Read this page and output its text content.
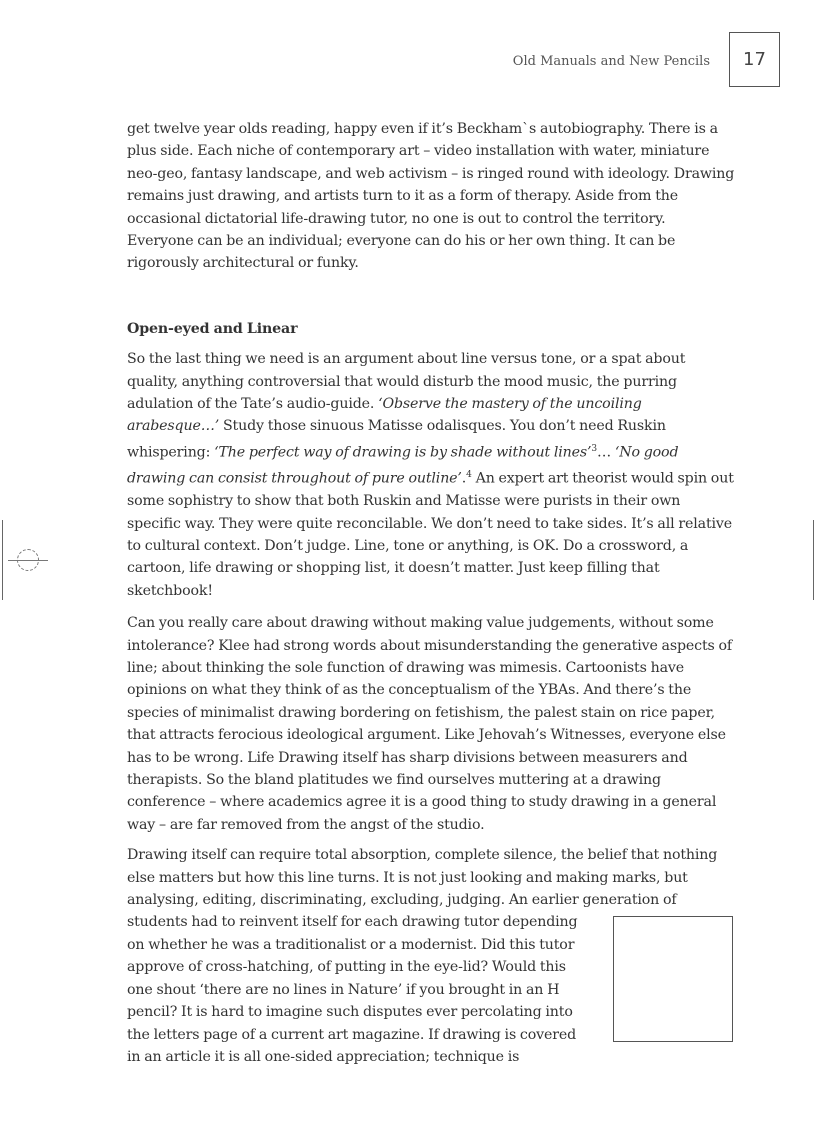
Old Manuals and New Pencils	17

get twelve year olds reading, happy even if it’s Beckham`s autobiography. There is a plus side. Each niche of contemporary art – video installation with water, miniature neo-geo, fantasy landscape, and web activism – is ringed round with ideology. Drawing remains just drawing, and artists turn to it as a form of therapy. Aside from the occasional dictatorial life-drawing tutor, no one is out to control the territory. Everyone can be an individual; everyone can do his or her own thing. It can be rigorously architectural or funky.

Open-eyed and Linear

So the last thing we need is an argument about line versus tone, or a spat about quality, anything controversial that would disturb the mood music, the purring adulation of the Tate’s audio-guide. ‘Observe the mastery of the uncoiling arabesque…’ Study those sinuous Matisse odalisques. You don’t need Ruskin whispering: ‘The perfect way of drawing is by shade without lines’$^3$… ‘No good drawing can consist throughout of pure outline’.$^4$ An expert art theorist would spin out some sophistry to show that both Ruskin and Matisse were purists in their own specific way. They were quite reconcilable. We don’t need to take sides. It’s all relative to cultural context. Don’t judge. Line, tone or anything, is OK. Do a crossword, a cartoon, life drawing or shopping list, it doesn’t matter. Just keep filling that sketchbook!

Can you really care about drawing without making value judgements, without some intolerance? Klee had strong words about misunderstanding the generative aspects of line; about thinking the sole function of drawing was mimesis. Cartoonists have opinions on what they think of as the conceptualism of the YBAs. And there’s the species of minimalist drawing bordering on fetishism, the palest stain on rice paper, that attracts ferocious ideological argument. Like Jehovah’s Witnesses, everyone else has to be wrong. Life Drawing itself has sharp divisions between measurers and therapists. So the bland platitudes we find ourselves muttering at a drawing conference – where academics agree it is a good thing to study drawing in a general way – are far removed from the angst of the studio.

Drawing itself can require total absorption, complete silence, the belief that nothing else matters but how this line turns. It is not just looking and making marks, but analysing, editing, discriminating, excluding, judging. An earlier generation of students had to reinvent itself for each drawing tutor depending on whether he was a traditionalist or a modernist. Did this tutor approve of cross-hatching, of putting in the eye-lid? Would this one shout ‘there are no lines in Nature’ if you brought in an H pencil? It is hard to imagine such disputes ever percolating into the letters page of a current art magazine. If drawing is covered in an article it is all one-sided appreciation; technique is
